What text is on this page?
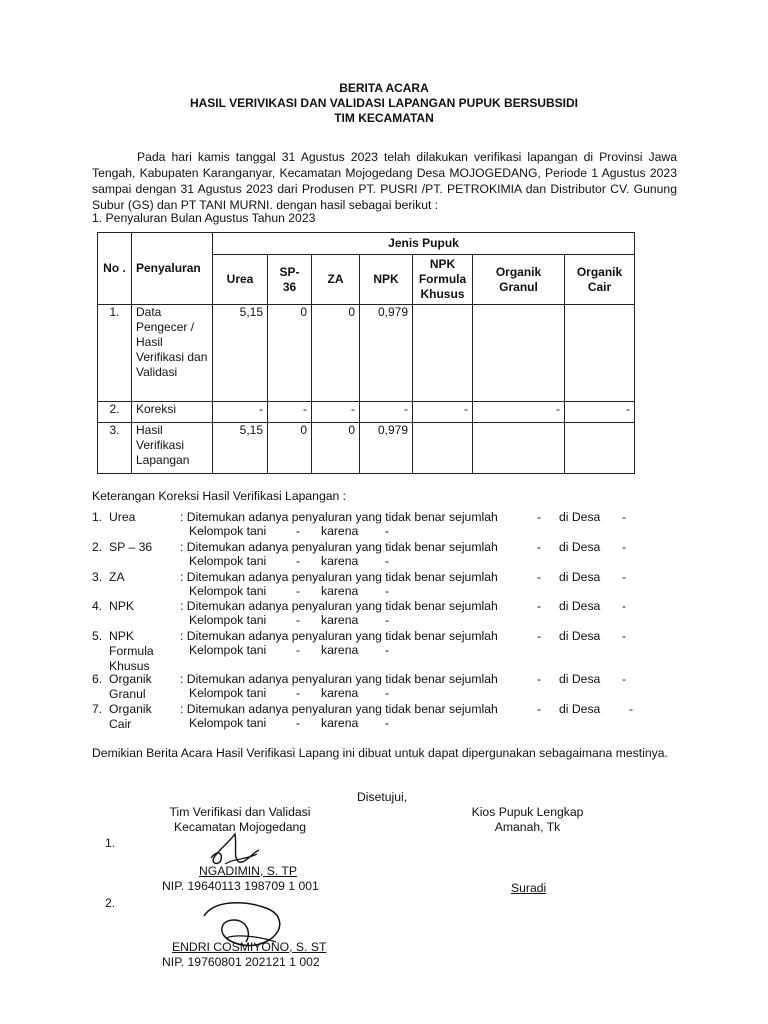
BERITA ACARA
HASIL VERIVIKASI DAN VALIDASI LAPANGAN PUPUK BERSUBSIDI
TIM KECAMATAN
Pada hari kamis tanggal 31 Agustus 2023 telah dilakukan verifikasi lapangan di Provinsi Jawa Tengah, Kabupaten Karanganyar, Kecamatan Mojogedang Desa MOJOGEDANG, Periode 1 Agustus 2023 sampai dengan 31 Agustus 2023 dari Produsen PT. PUSRI /PT. PETROKIMIA dan Distributor CV. Gunung Subur (GS) dan PT TANI MURNI. dengan hasil sebagai berikut :
1. Penyaluran Bulan Agustus Tahun 2023
No .	Penyaluran	Jenis Pupuk						
		Urea	SP- 36	ZA	NPK	NPK Formula Khusus	Organik Granul	Organik Cair
1.	Data Pengecer / Hasil Verifikasi dan Validasi	5,15	0	0	0,979			
2.	Koreksi	-	-	-	-	-	-	-
3.	Hasil Verifikasi Lapangan	5,15	0	0	0,979			
Keterangan Koreksi Hasil Verifikasi Lapangan :
1. Urea	: Ditemukan adanya penyaluran yang tidak benar sejumlah	- di Desa -
Kelompok tani - karena -
2. SP – 36	: Ditemukan adanya penyaluran yang tidak benar sejumlah	- di Desa -
Kelompok tani - karena -
3. ZA	: Ditemukan adanya penyaluran yang tidak benar sejumlah	- di Desa -
Kelompok tani - karena -
4. NPK	: Ditemukan adanya penyaluran yang tidak benar sejumlah	- di Desa -
Kelompok tani - karena -
5. NPK Formula Khusus
: Ditemukan adanya penyaluran yang tidak benar sejumlah	- di Desa -
Kelompok tani - karena -
6. Organik Granul
: Ditemukan adanya penyaluran yang tidak benar sejumlah	- di Desa -
Kelompok tani - karena -
7. Organik Cair
: Ditemukan adanya penyaluran yang tidak benar sejumlah	- di Desa -
Kelompok tani - karena -
Demikian Berita Acara Hasil Verifikasi Lapang ini dibuat untuk dapat dipergunakan sebagaimana mestinya.
Disetujui,
Tim Verifikasi dan Validasi
Kecamatan Mojogedang
Kios Pupuk Lengkap
Amanah, Tk
1.
NGADIMIN, S. TP
NIP. 19640113 198709 1 001	Suradi
2.
ENDRI COSMIYONO, S. ST
NIP. 19760801 202121 1 002
